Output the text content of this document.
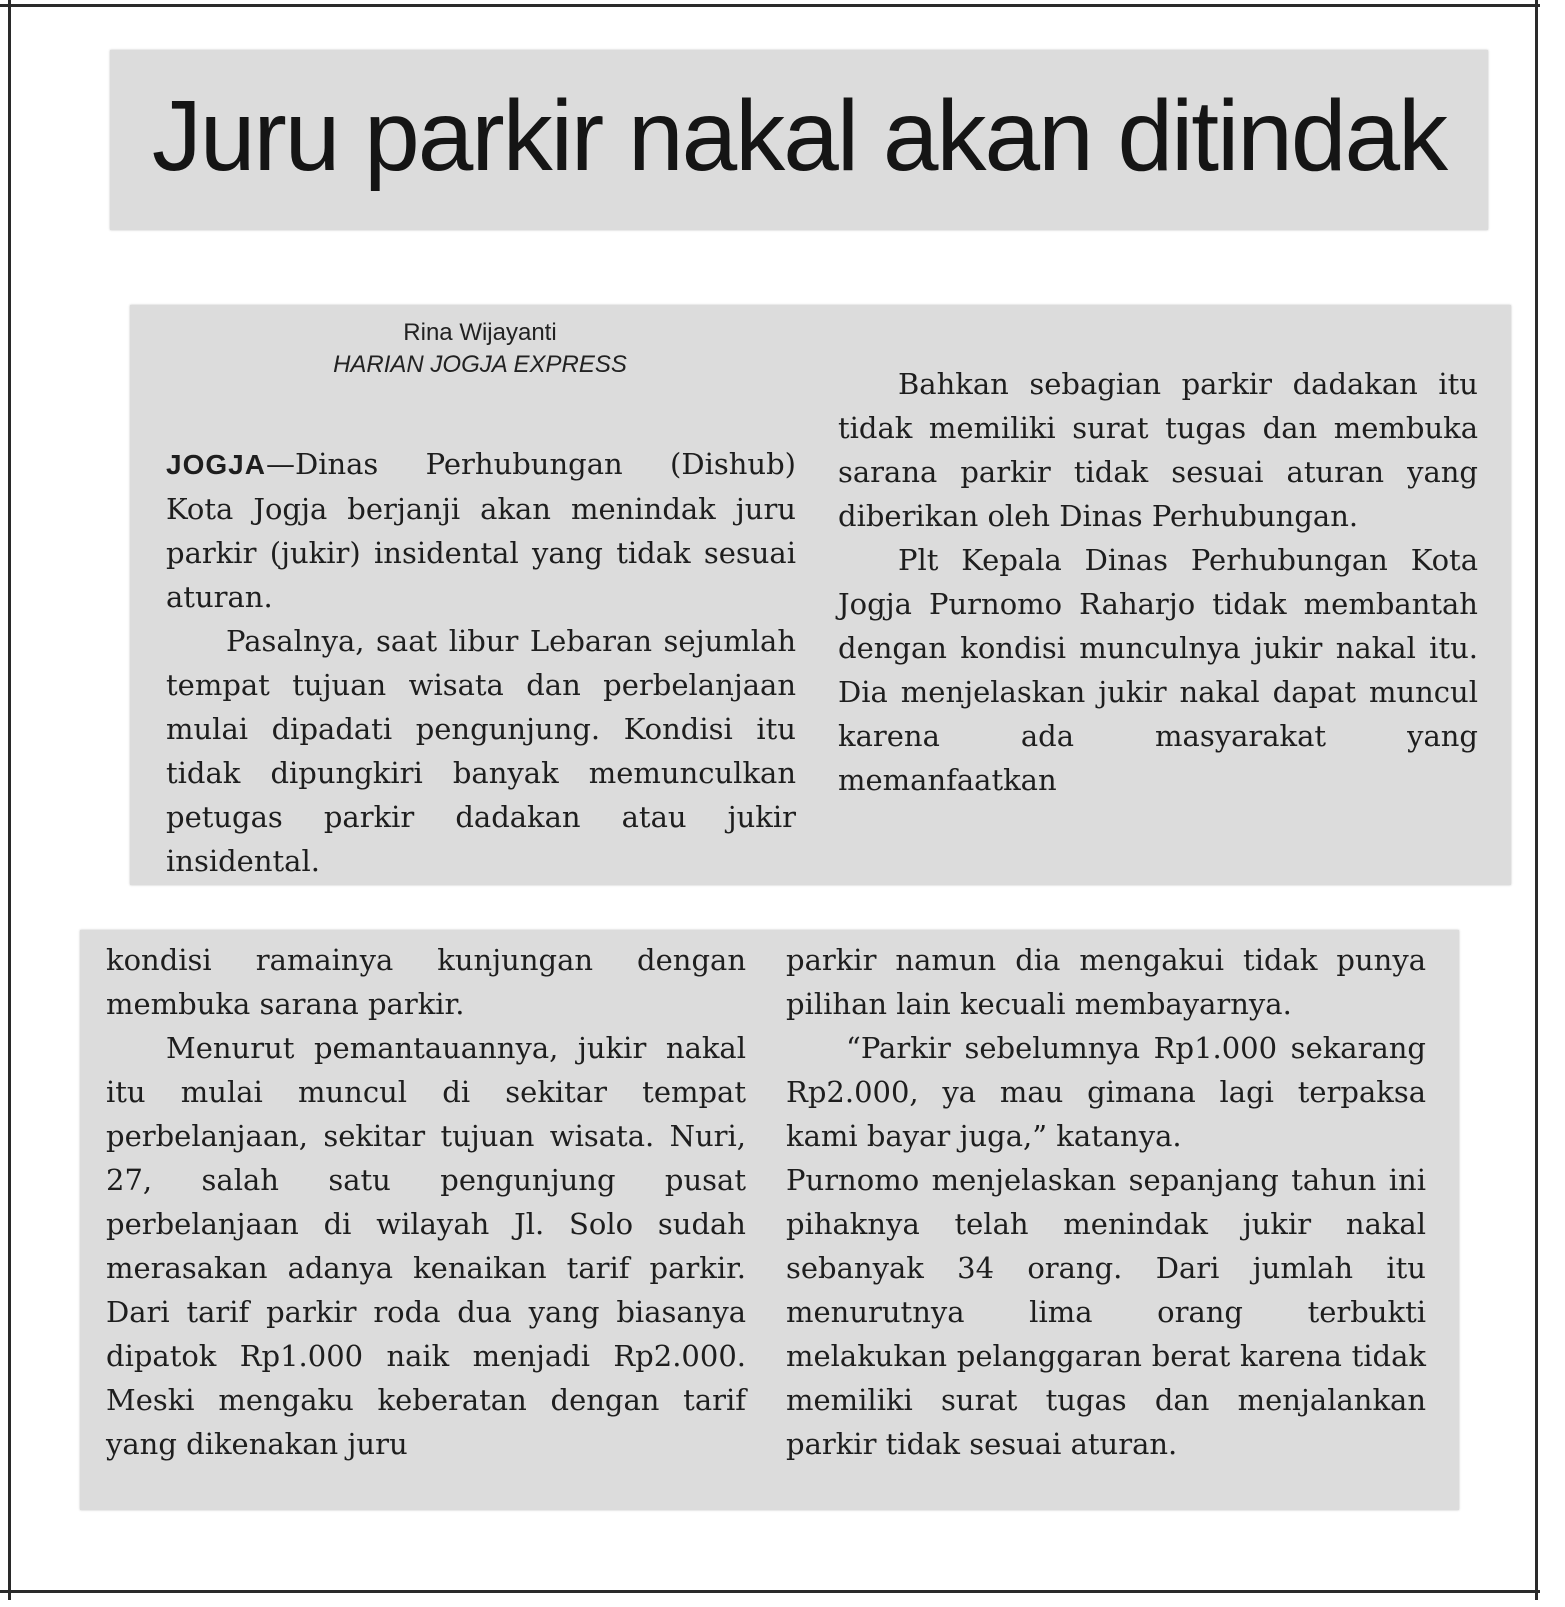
Juru parkir nakal akan ditindak
Rina Wijayanti
HARIAN JOGJA EXPRESS

JOGJA—Dinas Perhubungan (Dishub) Kota Jogja berjanji akan menindak juru parkir (jukir) insidental yang tidak sesuai aturan.

Pasalnya, saat libur Lebaran sejumlah tempat tujuan wisata dan perbelanjaan mulai dipadati pengunjung. Kondisi itu tidak dipungkiri banyak memunculkan petugas parkir dadakan atau jukir insidental.

Bahkan sebagian parkir dadakan itu tidak memiliki surat tugas dan membuka sarana parkir tidak sesuai aturan yang diberikan oleh Dinas Perhubungan.

Plt Kepala Dinas Perhubungan Kota Jogja Purnomo Raharjo tidak membantah dengan kondisi munculnya jukir nakal itu. Dia menjelaskan jukir nakal dapat muncul karena ada masyarakat yang memanfaatkan

kondisi ramainya kunjungan dengan membuka sarana parkir.

Menurut pemantauannya, jukir nakal itu mulai muncul di sekitar tempat perbelanjaan, sekitar tujuan wisata. Nuri, 27, salah satu pengunjung pusat perbelanjaan di wilayah Jl. Solo sudah merasakan adanya kenaikan tarif parkir. Dari tarif parkir roda dua yang biasanya dipatok Rp1.000 naik menjadi Rp2.000. Meski mengaku keberatan dengan tarif yang dikenakan juru

parkir namun dia mengakui tidak punya pilihan lain kecuali membayarnya.

“Parkir sebelumnya Rp1.000 sekarang Rp2.000, ya mau gimana lagi terpaksa kami bayar juga,” katanya.

Purnomo menjelaskan sepanjang tahun ini pihaknya telah menindak jukir nakal sebanyak 34 orang. Dari jumlah itu menurutnya lima orang terbukti melakukan pelanggaran berat karena tidak memiliki surat tugas dan menjalankan parkir tidak sesuai aturan.
